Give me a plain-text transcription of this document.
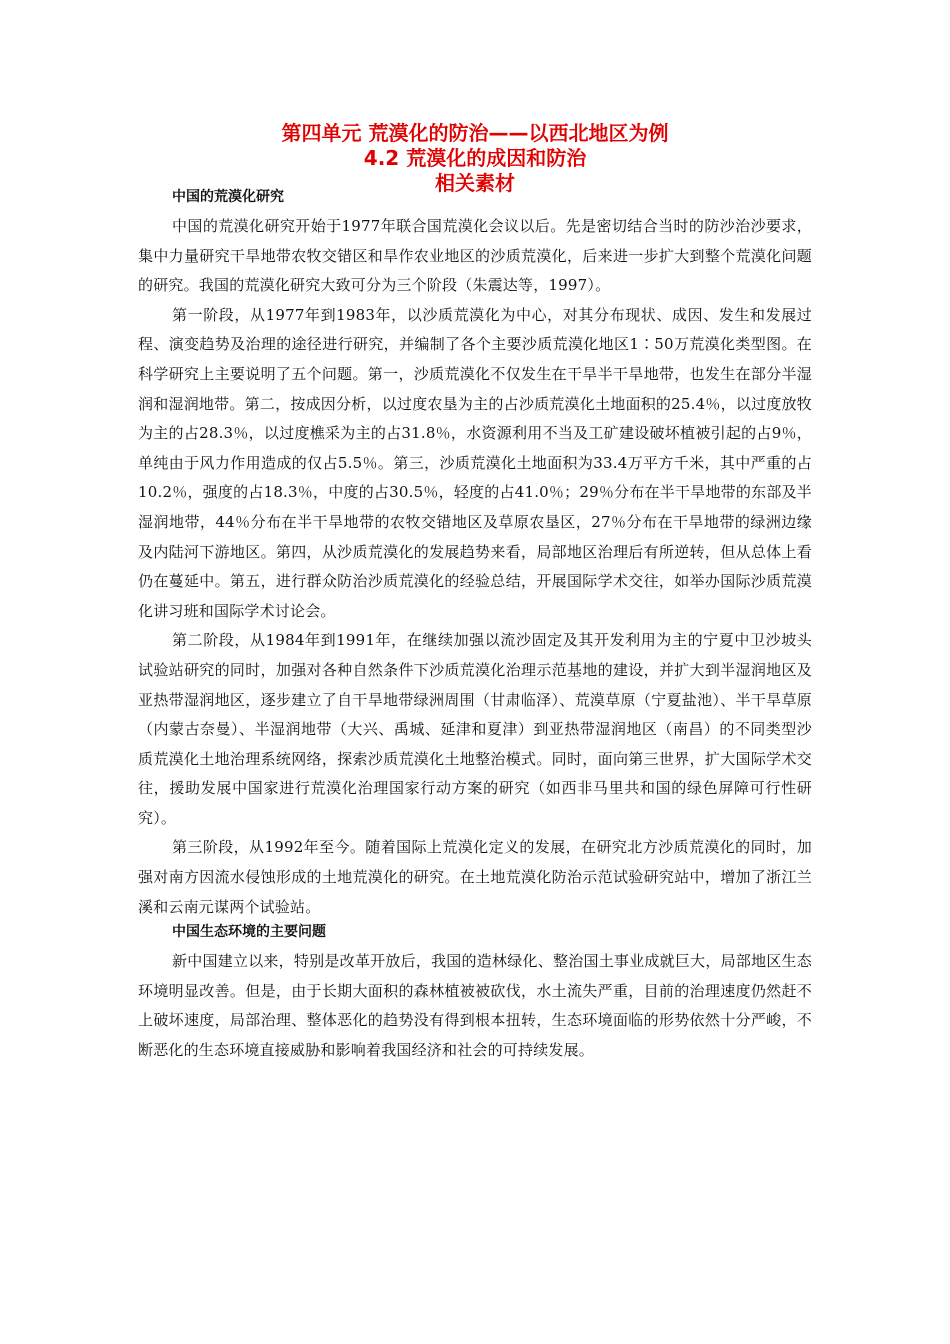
第四单元 荒漠化的防治——以西北地区为例
4.2 荒漠化的成因和防治
相关素材
中国的荒漠化研究

中国的荒漠化研究开始于1977年联合国荒漠化会议以后。先是密切结合当时的防沙治沙要求，集中力量研究干旱地带农牧交错区和旱作农业地区的沙质荒漠化，后来进一步扩大到整个荒漠化问题的研究。我国的荒漠化研究大致可分为三个阶段（朱震达等，1997）。

第一阶段，从1977年到1983年，以沙质荒漠化为中心，对其分布现状、成因、发生和发展过程、演变趋势及治理的途径进行研究，并编制了各个主要沙质荒漠化地区1∶50万荒漠化类型图。在科学研究上主要说明了五个问题。第一，沙质荒漠化不仅发生在干旱半干旱地带，也发生在部分半湿润和湿润地带。第二，按成因分析，以过度农垦为主的占沙质荒漠化土地面积的25.4％，以过度放牧为主的占28.3％，以过度樵采为主的占31.8％，水资源利用不当及工矿建设破坏植被引起的占9％，单纯由于风力作用造成的仅占5.5％。第三，沙质荒漠化土地面积为33.4万平方千米，其中严重的占10.2％，强度的占18.3％，中度的占30.5％，轻度的占41.0％；29％分布在半干旱地带的东部及半湿润地带，44％分布在半干旱地带的农牧交错地区及草原农垦区，27％分布在干旱地带的绿洲边缘及内陆河下游地区。第四，从沙质荒漠化的发展趋势来看，局部地区治理后有所逆转，但从总体上看仍在蔓延中。第五，进行群众防治沙质荒漠化的经验总结，开展国际学术交往，如举办国际沙质荒漠化讲习班和国际学术讨论会。

第二阶段，从1984年到1991年，在继续加强以流沙固定及其开发利用为主的宁夏中卫沙坡头试验站研究的同时，加强对各种自然条件下沙质荒漠化治理示范基地的建设，并扩大到半湿润地区及亚热带湿润地区，逐步建立了自干旱地带绿洲周围（甘肃临泽）、荒漠草原（宁夏盐池）、半干旱草原（内蒙古奈曼）、半湿润地带（大兴、禹城、延津和夏津）到亚热带湿润地区（南昌）的不同类型沙质荒漠化土地治理系统网络，探索沙质荒漠化土地整治模式。同时，面向第三世界，扩大国际学术交往，援助发展中国家进行荒漠化治理国家行动方案的研究（如西非马里共和国的绿色屏障可行性研究）。

第三阶段，从1992年至今。随着国际上荒漠化定义的发展，在研究北方沙质荒漠化的同时，加强对南方因流水侵蚀形成的土地荒漠化的研究。在土地荒漠化防治示范试验研究站中，增加了浙江兰溪和云南元谋两个试验站。

中国生态环境的主要问题

新中国建立以来，特别是改革开放后，我国的造林绿化、整治国土事业成就巨大，局部地区生态环境明显改善。但是，由于长期大面积的森林植被被砍伐，水土流失严重，目前的治理速度仍然赶不上破坏速度，局部治理、整体恶化的趋势没有得到根本扭转，生态环境面临的形势依然十分严峻，不断恶化的生态环境直接威胁和影响着我国经济和社会的可持续发展。
